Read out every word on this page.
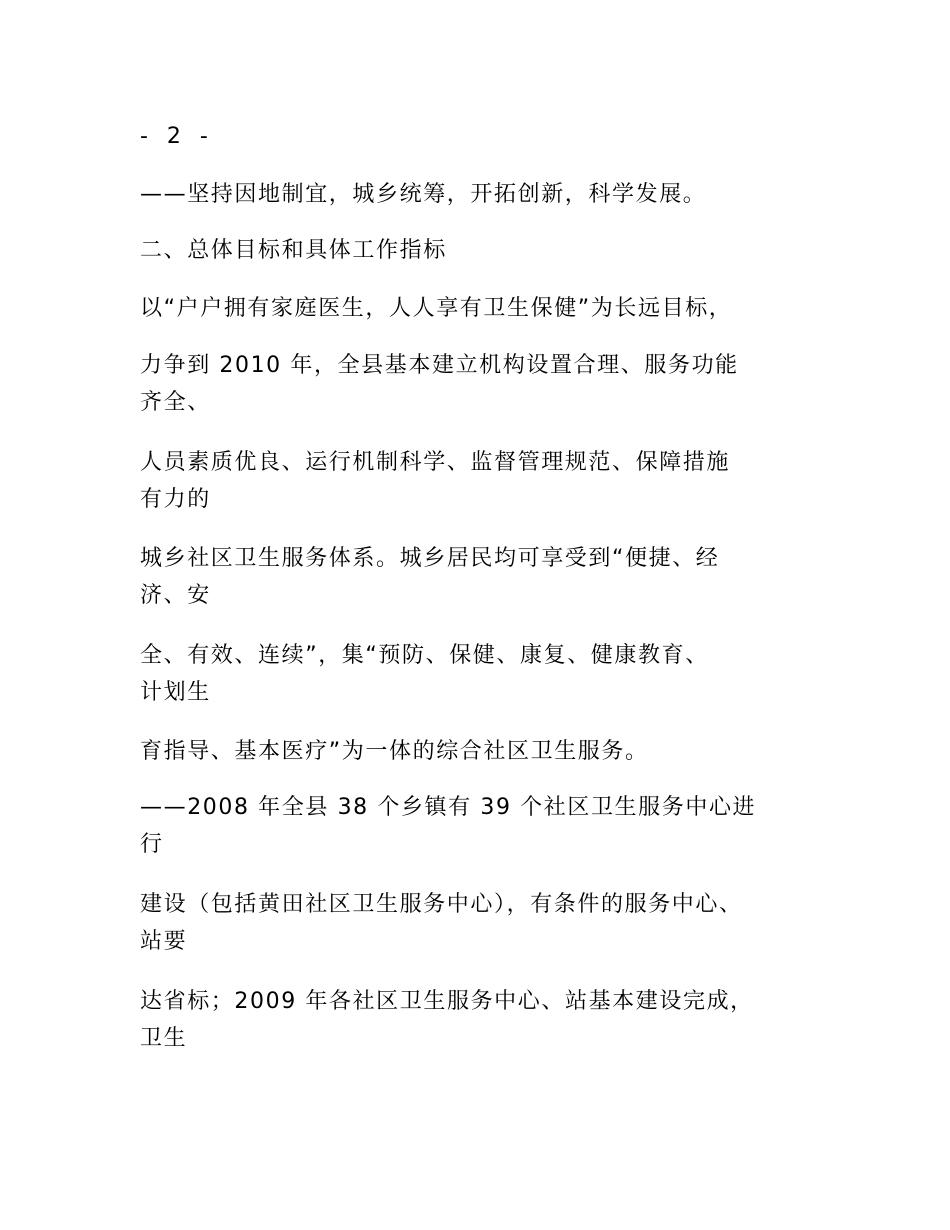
- 2 -
——坚持因地制宜，城乡统筹，开拓创新，科学发展。
二、总体目标和具体工作指标
以“户户拥有家庭医生，人人享有卫生保健”为长远目标，
力争到 2010 年，全县基本建立机构设置合理、服务功能
齐全、
人员素质优良、运行机制科学、监督管理规范、保障措施
有力的
城乡社区卫生服务体系。城乡居民均可享受到“便捷、经
济、安
全、有效、连续”，集“预防、保健、康复、健康教育、
计划生
育指导、基本医疗”为一体的综合社区卫生服务。
——2008 年全县 38 个乡镇有 39 个社区卫生服务中心进
行
建设（包括黄田社区卫生服务中心），有条件的服务中心、
站要
达省标；2009 年各社区卫生服务中心、站基本建设完成，
卫生
